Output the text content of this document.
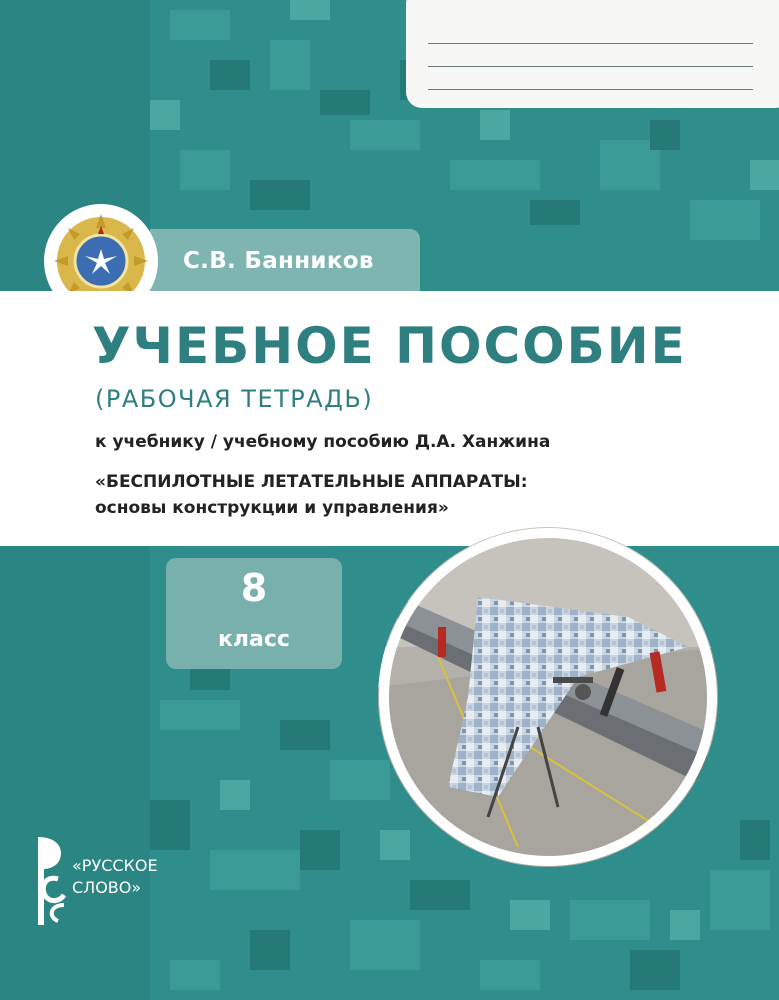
С.В. Банников
УЧЕБНОЕ ПОСОБИЕ
(РАБОЧАЯ ТЕТРАДЬ)
к учебнику / учебному пособию Д.А. Ханжина
«БЕСПИЛОТНЫЕ ЛЕТАТЕЛЬНЫЕ АППАРАТЫ:
основы конструкции и управления»
8
класс
«РУССКОЕ
СЛОВО»
